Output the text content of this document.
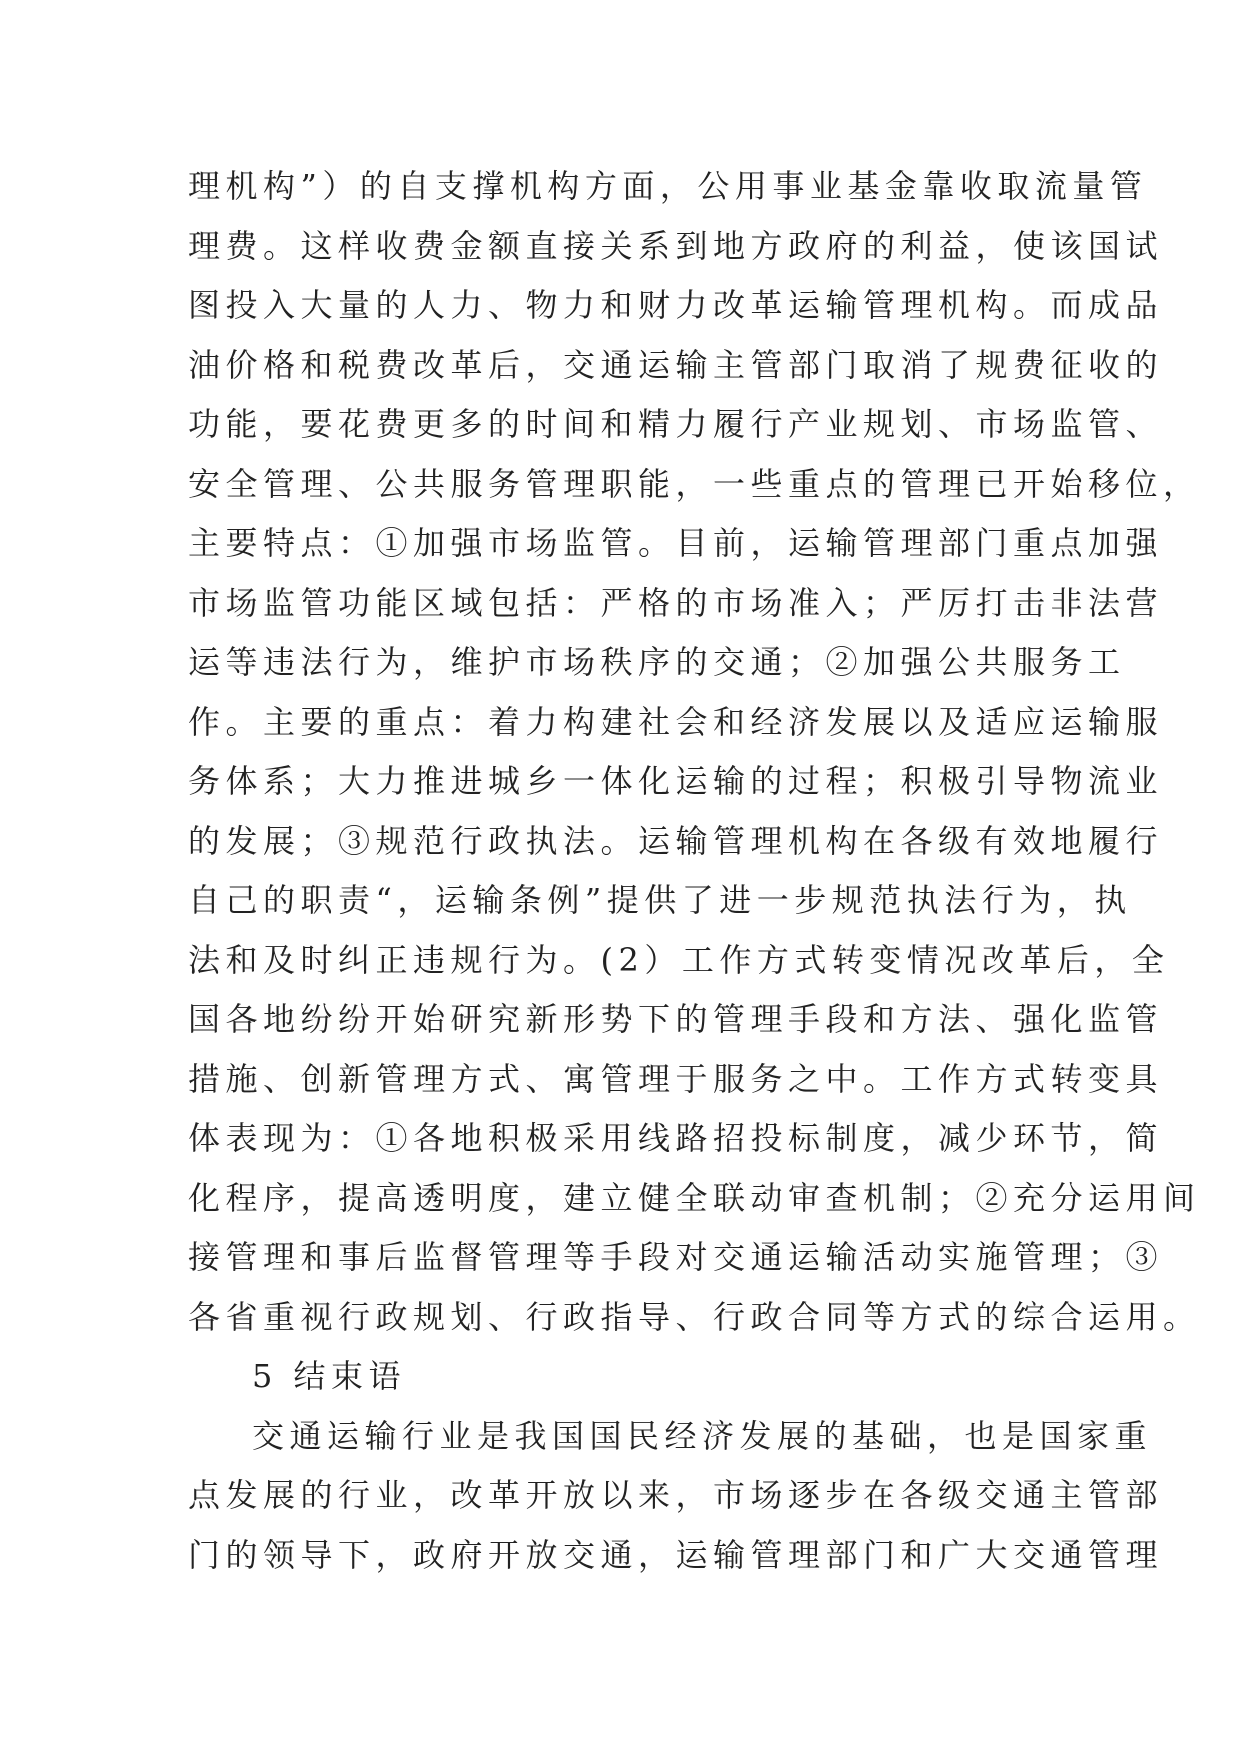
理机构”）的自支撑机构方面，公用事业基金靠收取流量管
理费。这样收费金额直接关系到地方政府的利益，使该国试
图投入大量的人力、物力和财力改革运输管理机构。而成品
油价格和税费改革后，交通运输主管部门取消了规费征收的
功能，要花费更多的时间和精力履行产业规划、市场监管、
安全管理、公共服务管理职能，一些重点的管理已开始移位，
主要特点：①加强市场监管。目前，运输管理部门重点加强
市场监管功能区域包括：严格的市场准入；严厉打击非法营
运等违法行为，维护市场秩序的交通；②加强公共服务工
作。主要的重点：着力构建社会和经济发展以及适应运输服
务体系；大力推进城乡一体化运输的过程；积极引导物流业
的发展；③规范行政执法。运输管理机构在各级有效地履行
自己的职责“，运输条例”提供了进一步规范执法行为，执
法和及时纠正违规行为。(2）工作方式转变情况改革后，全
国各地纷纷开始研究新形势下的管理手段和方法、强化监管
措施、创新管理方式、寓管理于服务之中。工作方式转变具
体表现为：①各地积极采用线路招投标制度，减少环节，简
化程序，提高透明度，建立健全联动审查机制；②充分运用间
接管理和事后监督管理等手段对交通运输活动实施管理；③
各省重视行政规划、行政指导、行政合同等方式的综合运用。
5 结束语
交通运输行业是我国国民经济发展的基础，也是国家重
点发展的行业，改革开放以来，市场逐步在各级交通主管部
门的领导下，政府开放交通，运输管理部门和广大交通管理
